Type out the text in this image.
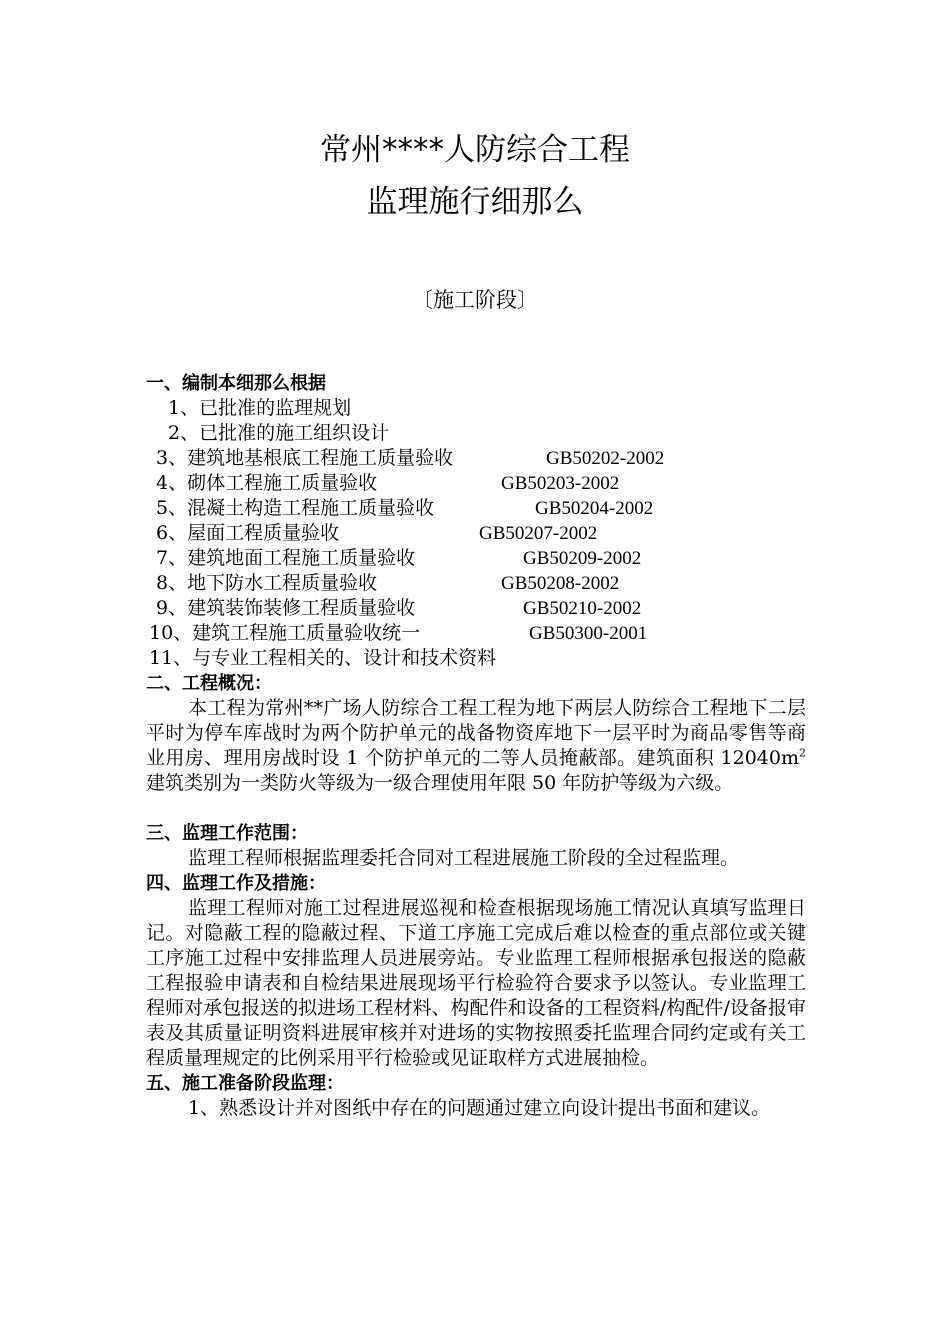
常州****人防综合工程
监理施行细那么
〔施工阶段〕
一、编制本细那么根据
1、已批准的监理规划
2、已批准的施工组织设计
3、建筑地基根底工程施工质量验收	GB50202-2002
4、砌体工程施工质量验收	GB50203-2002
5、混凝土构造工程施工质量验收	GB50204-2002
6、屋面工程质量验收	GB50207-2002
7、建筑地面工程施工质量验收	GB50209-2002
8、地下防水工程质量验收	GB50208-2002
9、建筑装饰装修工程质量验收	GB50210-2002
10、建筑工程施工质量验收统一	GB50300-2001
11、与专业工程相关的、设计和技术资料
二、工程概况：
本工程为常州**广场人防综合工程工程为地下两层人防综合工程地下二层平时为停车库战时为两个防护单元的战备物资库地下一层平时为商品零售等商业用房、理用房战时设 1 个防护单元的二等人员掩蔽部。建筑面积 $12040m^2$建筑类别为一类防火等级为一级合理使用年限 50 年防护等级为六级。
三、监理工作范围：
监理工程师根据监理委托合同对工程进展施工阶段的全过程监理。
四、监理工作及措施：
监理工程师对施工过程进展巡视和检查根据现场施工情况认真填写监理日记。对隐蔽工程的隐蔽过程、下道工序施工完成后难以检查的重点部位或关键工序施工过程中安排监理人员进展旁站。专业监理工程师根据承包报送的隐蔽工程报验申请表和自检结果进展现场平行检验符合要求予以签认。专业监理工程师对承包报送的拟进场工程材料、构配件和设备的工程资料/构配件/设备报审表及其质量证明资料进展审核并对进场的实物按照委托监理合同约定或有关工程质量理规定的比例采用平行检验或见证取样方式进展抽检。
五、施工准备阶段监理：
1、熟悉设计并对图纸中存在的问题通过建立向设计提出书面和建议。
